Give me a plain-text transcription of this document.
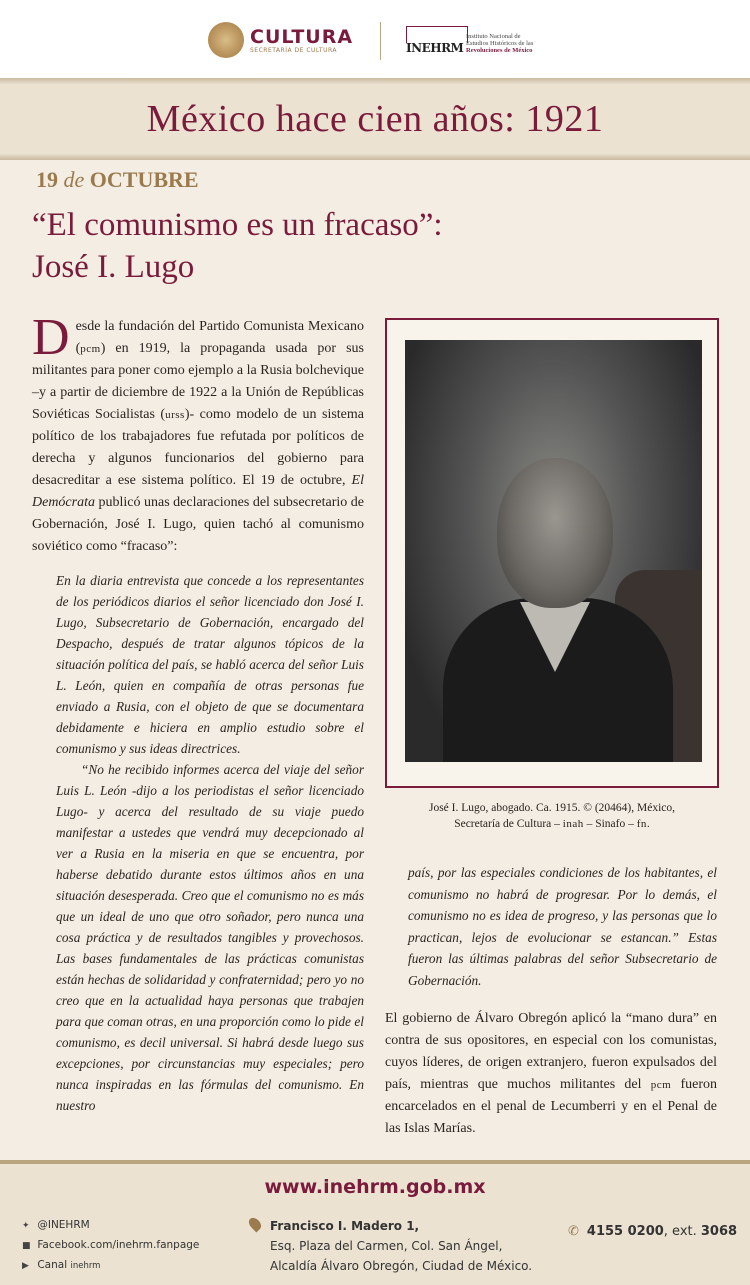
CULTURA
SECRETARÍA DE CULTURA	INEHRM
Instituto Nacional de
Estudios Históricos de las
Revoluciones de México
México hace cien años: 1921
19 de OCTUBRE
“El comunismo es un fracaso”:
José I. Lugo

Desde la fundación del Partido Comunista Mexicano (pcm) en 1919, la propaganda usada por sus militantes para poner como ejemplo a la Rusia bolchevique –y a partir de diciembre de 1922 a la Unión de Repúblicas Soviéticas Socialistas (urss)- como modelo de un sistema político de los trabajadores fue refutada por políticos de derecha y algunos funcionarios del gobierno para desacreditar a ese sistema político. El 19 de octubre, El Demócrata publicó unas declaraciones del subsecretario de Gobernación, José I. Lugo, quien tachó al comunismo soviético como “fracaso”:

En la diaria entrevista que concede a los representantes de los periódicos diarios el señor licenciado don José I. Lugo, Subsecretario de Gobernación, encargado del Despacho, después de tratar algunos tópicos de la situación política del país, se habló acerca del señor Luis L. León, quien en compañía de otras personas fue enviado a Rusia, con el objeto de que se documentara debidamente e hiciera en amplio estudio sobre el comunismo y sus ideas directrices.

“No he recibido informes acerca del viaje del señor Luis L. León -dijo a los periodistas el señor licenciado Lugo- y acerca del resultado de su viaje puedo manifestar a ustedes que vendrá muy decepcionado al ver a Rusia en la miseria en que se encuentra, por haberse debatido durante estos últimos años en una situación desesperada. Creo que el comunismo no es más que un ideal de uno que otro soñador, pero nunca una cosa práctica y de resultados tangibles y provechosos. Las bases fundamentales de las prácticas comunistas están hechas de solidaridad y confraternidad; pero yo no creo que en la actualidad haya personas que trabajen para que coman otras, en una proporción como lo pide el comunismo, es decil universal. Si habrá desde luego sus excepciones, por circunstancias muy especiales; pero nunca inspiradas en las fórmulas del comunismo. En nuestro

José I. Lugo, abogado. Ca. 1915. © (20464), México,
Secretaría de Cultura – inah – Sinafo – fn.
país, por las especiales condiciones de los habitantes, el comunismo no habrá de progresar. Por lo demás, el comunismo no es idea de progreso, y las personas que lo practican, lejos de evolucionar se estancan.” Estas fueron las últimas palabras del señor Subsecretario de Gobernación.

El gobierno de Álvaro Obregón aplicó la “mano dura” en contra de sus opositores, en especial con los comunistas, cuyos líderes, de origen extranjero, fueron expulsados del país, mientras que muchos militantes del pcm fueron encarcelados en el penal de Lecumberri y en el Penal de las Islas Marías.

www.inehrm.gob.mx
✦ @INEHRM
■ Facebook.com/inehrm.fanpage
▶ Canal inehrm
Francisco I. Madero 1,
Esq. Plaza del Carmen, Col. San Ángel,
Alcaldía Álvaro Obregón, Ciudad de México.
✆ 4155 0200, ext. 3068
